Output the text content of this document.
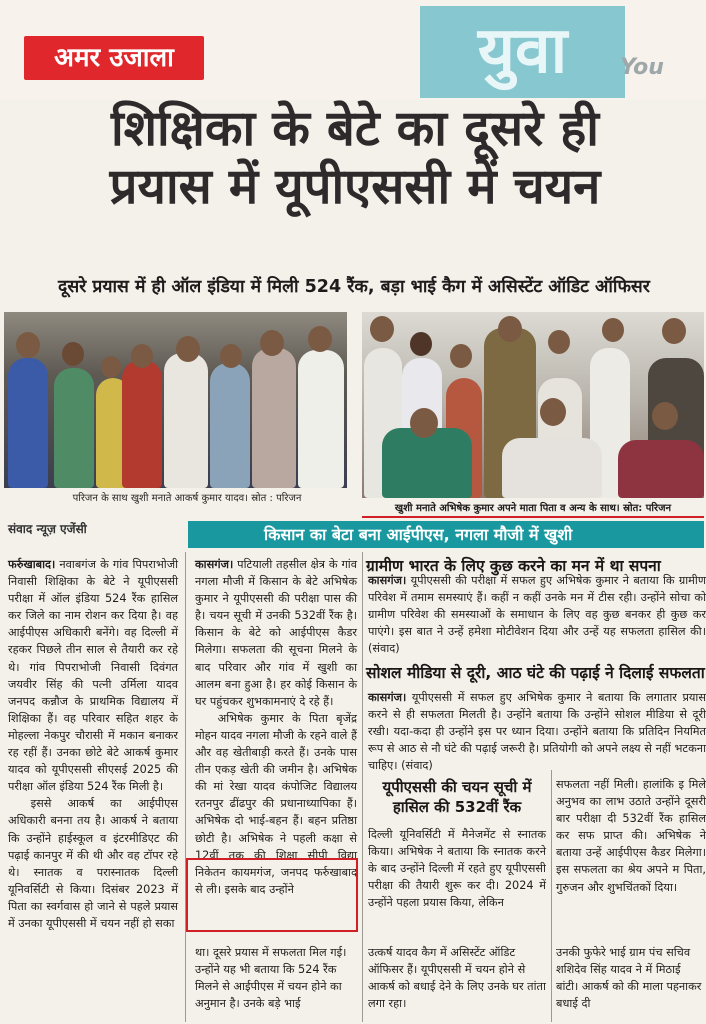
अमर उजाला	युवा	You
शिक्षिका के बेटे का दूसरे ही
प्रयास में यूपीएससी में चयन
दूसरे प्रयास में ही ऑल इंडिया में मिली 524 रैंक, बड़ा भाई कैग में असिस्टेंट ऑडिट ऑफिसर
परिजन के साथ खुशी मनाते आकर्ष कुमार यादव। स्रोत : परिजन
खुशी मनाते अभिषेक कुमार अपने माता पिता व अन्य के साथ। स्रोत: परिजन
संवाद न्यूज़ एजेंसी	किसान का बेटा बना आईपीएस, नगला मौजी में खुशी
फर्रुखाबाद। नवाबगंज के गांव पिपराभोजी निवासी शिक्षिका के बेटे ने यूपीएससी परीक्षा में ऑल इंडिया 524 रैंक हासिल कर जिले का नाम रोशन कर दिया है। वह आईपीएस अधिकारी बनेंगे। वह दिल्ली में रहकर पिछले तीन साल से तैयारी कर रहे थे। गांव पिपराभोजी निवासी दिवंगत जयवीर सिंह की पत्नी उर्मिला यादव जनपद कन्नौज के प्राथमिक विद्यालय में शिक्षिका हैं। वह परिवार सहित शहर के मोहल्ला नेकपुर चौरासी में मकान बनाकर रह रहीं हैं। उनका छोटे बेटे आकर्ष कुमार यादव को यूपीएससी सीएसई 2025 की परीक्षा ऑल इंडिया 524 रैंक मिली है।
इससे आकर्ष का आईपीएस अधिकारी बनना तय है। आकर्ष ने बताया कि उन्होंने हाईस्कूल व इंटरमीडिएट की पढ़ाई कानपुर में की थी और वह टॉपर रहे थे। स्नातक व परास्नातक दिल्ली यूनिवर्सिटी से किया। दिसंबर 2023 में पिता का स्वर्गवास हो जाने से पहले प्रयास में उनका यूपीएससी में चयन नहीं हो सका
कासगंज। पटियाली तहसील क्षेत्र के गांव नगला मौजी में किसान के बेटे अभिषेक कुमार ने यूपीएससी की परीक्षा पास की है। चयन सूची में उनकी 532वीं रैंक है। किसान के बेटे को आईपीएस कैडर मिलेगा। सफलता की सूचना मिलने के बाद परिवार और गांव में खुशी का आलम बना हुआ है। हर कोई किसान के घर पहुंचकर शुभकामनाएं दे रहे हैं।
अभिषेक कुमार के पिता बृजेंद्र मोहन यादव नगला मौजी के रहने वाले हैं और वह खेतीबाड़ी करते हैं। उनके पास तीन एकड़ खेती की जमीन है। अभिषेक की मां रेखा यादव कंपोजिट विद्यालय रतनपुर ढींढपुर की प्रधानाध्यापिका हैं। अभिषेक दो भाई-बहन हैं। बहन प्रतिष्ठा छोटी है। अभिषेक ने पहली कक्षा से 12वीं तक की शिक्षा सीपी विद्या निकेतन कायमगंज, जनपद फर्रुखाबाद से ली। इसके बाद उन्होंने
ग्रामीण भारत के लिए कुछ करने का मन में था सपना
कासगंज। यूपीएससी की परीक्षा में सफल हुए अभिषेक कुमार ने बताया कि ग्रामीण परिवेश में तमाम समस्याएं हैं। कहीं न कहीं उनके मन में टीस रही। उन्होंने सोचा को ग्रामीण परिवेश की समस्याओं के समाधान के लिए वह कुछ बनकर ही कुछ कर पाएंगे। इस बात ने उन्हें हमेशा मोटीवेशन दिया और उन्हें यह सफलता हासिल की। (संवाद)
सोशल मीडिया से दूरी, आठ घंटे की पढ़ाई ने दिलाई सफलता
कासगंज। यूपीएससी में सफल हुए अभिषेक कुमार ने बताया कि लगातार प्रयास करने से ही सफलता मिलती है। उन्होंने बताया कि उन्होंने सोशल मीडिया से दूरी रखी। यदा-कदा ही उन्होंने इस पर ध्यान दिया। उन्होंने बताया कि प्रतिदिन नियमित रूप से आठ से नौ घंटे की पढ़ाई जरूरी है। प्रतियोगी को अपने लक्ष्य से नहीं भटकना चाहिए। (संवाद)
यूपीएससी की चयन सूची में हासिल की 532वीं रैंक
दिल्ली यूनिवर्सिटी में मैनेजमेंट से स्नातक किया। अभिषेक ने बताया कि स्नातक करने के बाद उन्होंने दिल्ली में रहते हुए यूपीएससी परीक्षा की तैयारी शुरू कर दी। 2024 में उन्होंने पहला प्रयास किया, लेकिन
सफलता नहीं मिली। हालांकि इ मिले अनुभव का लाभ उठाते उन्होंने दूसरी बार परीक्षा दी 532वीं रैंक हासिल कर सफ प्राप्त की। अभिषेक ने बताया उन्हें आईपीएस कैडर मिलेगा। इस सफलता का श्रेय अपने म पिता, गुरुजन और शुभचिंतकों दिया।
था। दूसरे प्रयास में सफलता मिल गई। उन्होंने यह भी बताया कि 524 रैंक मिलने से आईपीएस में चयन होने का अनुमान है। उनके बड़े भाई
उत्कर्ष यादव कैग में असिस्टेंट ऑडिट ऑफिसर हैं। यूपीएससी में चयन होने से आकर्ष को बधाई देने के लिए उनके घर तांता लगा रहा।
उनकी फुफेरे भाई ग्राम पंच सचिव शशिदेव सिंह यादव ने में मिठाई बांटी। आकर्ष को की माला पहनाकर बधाई दी
